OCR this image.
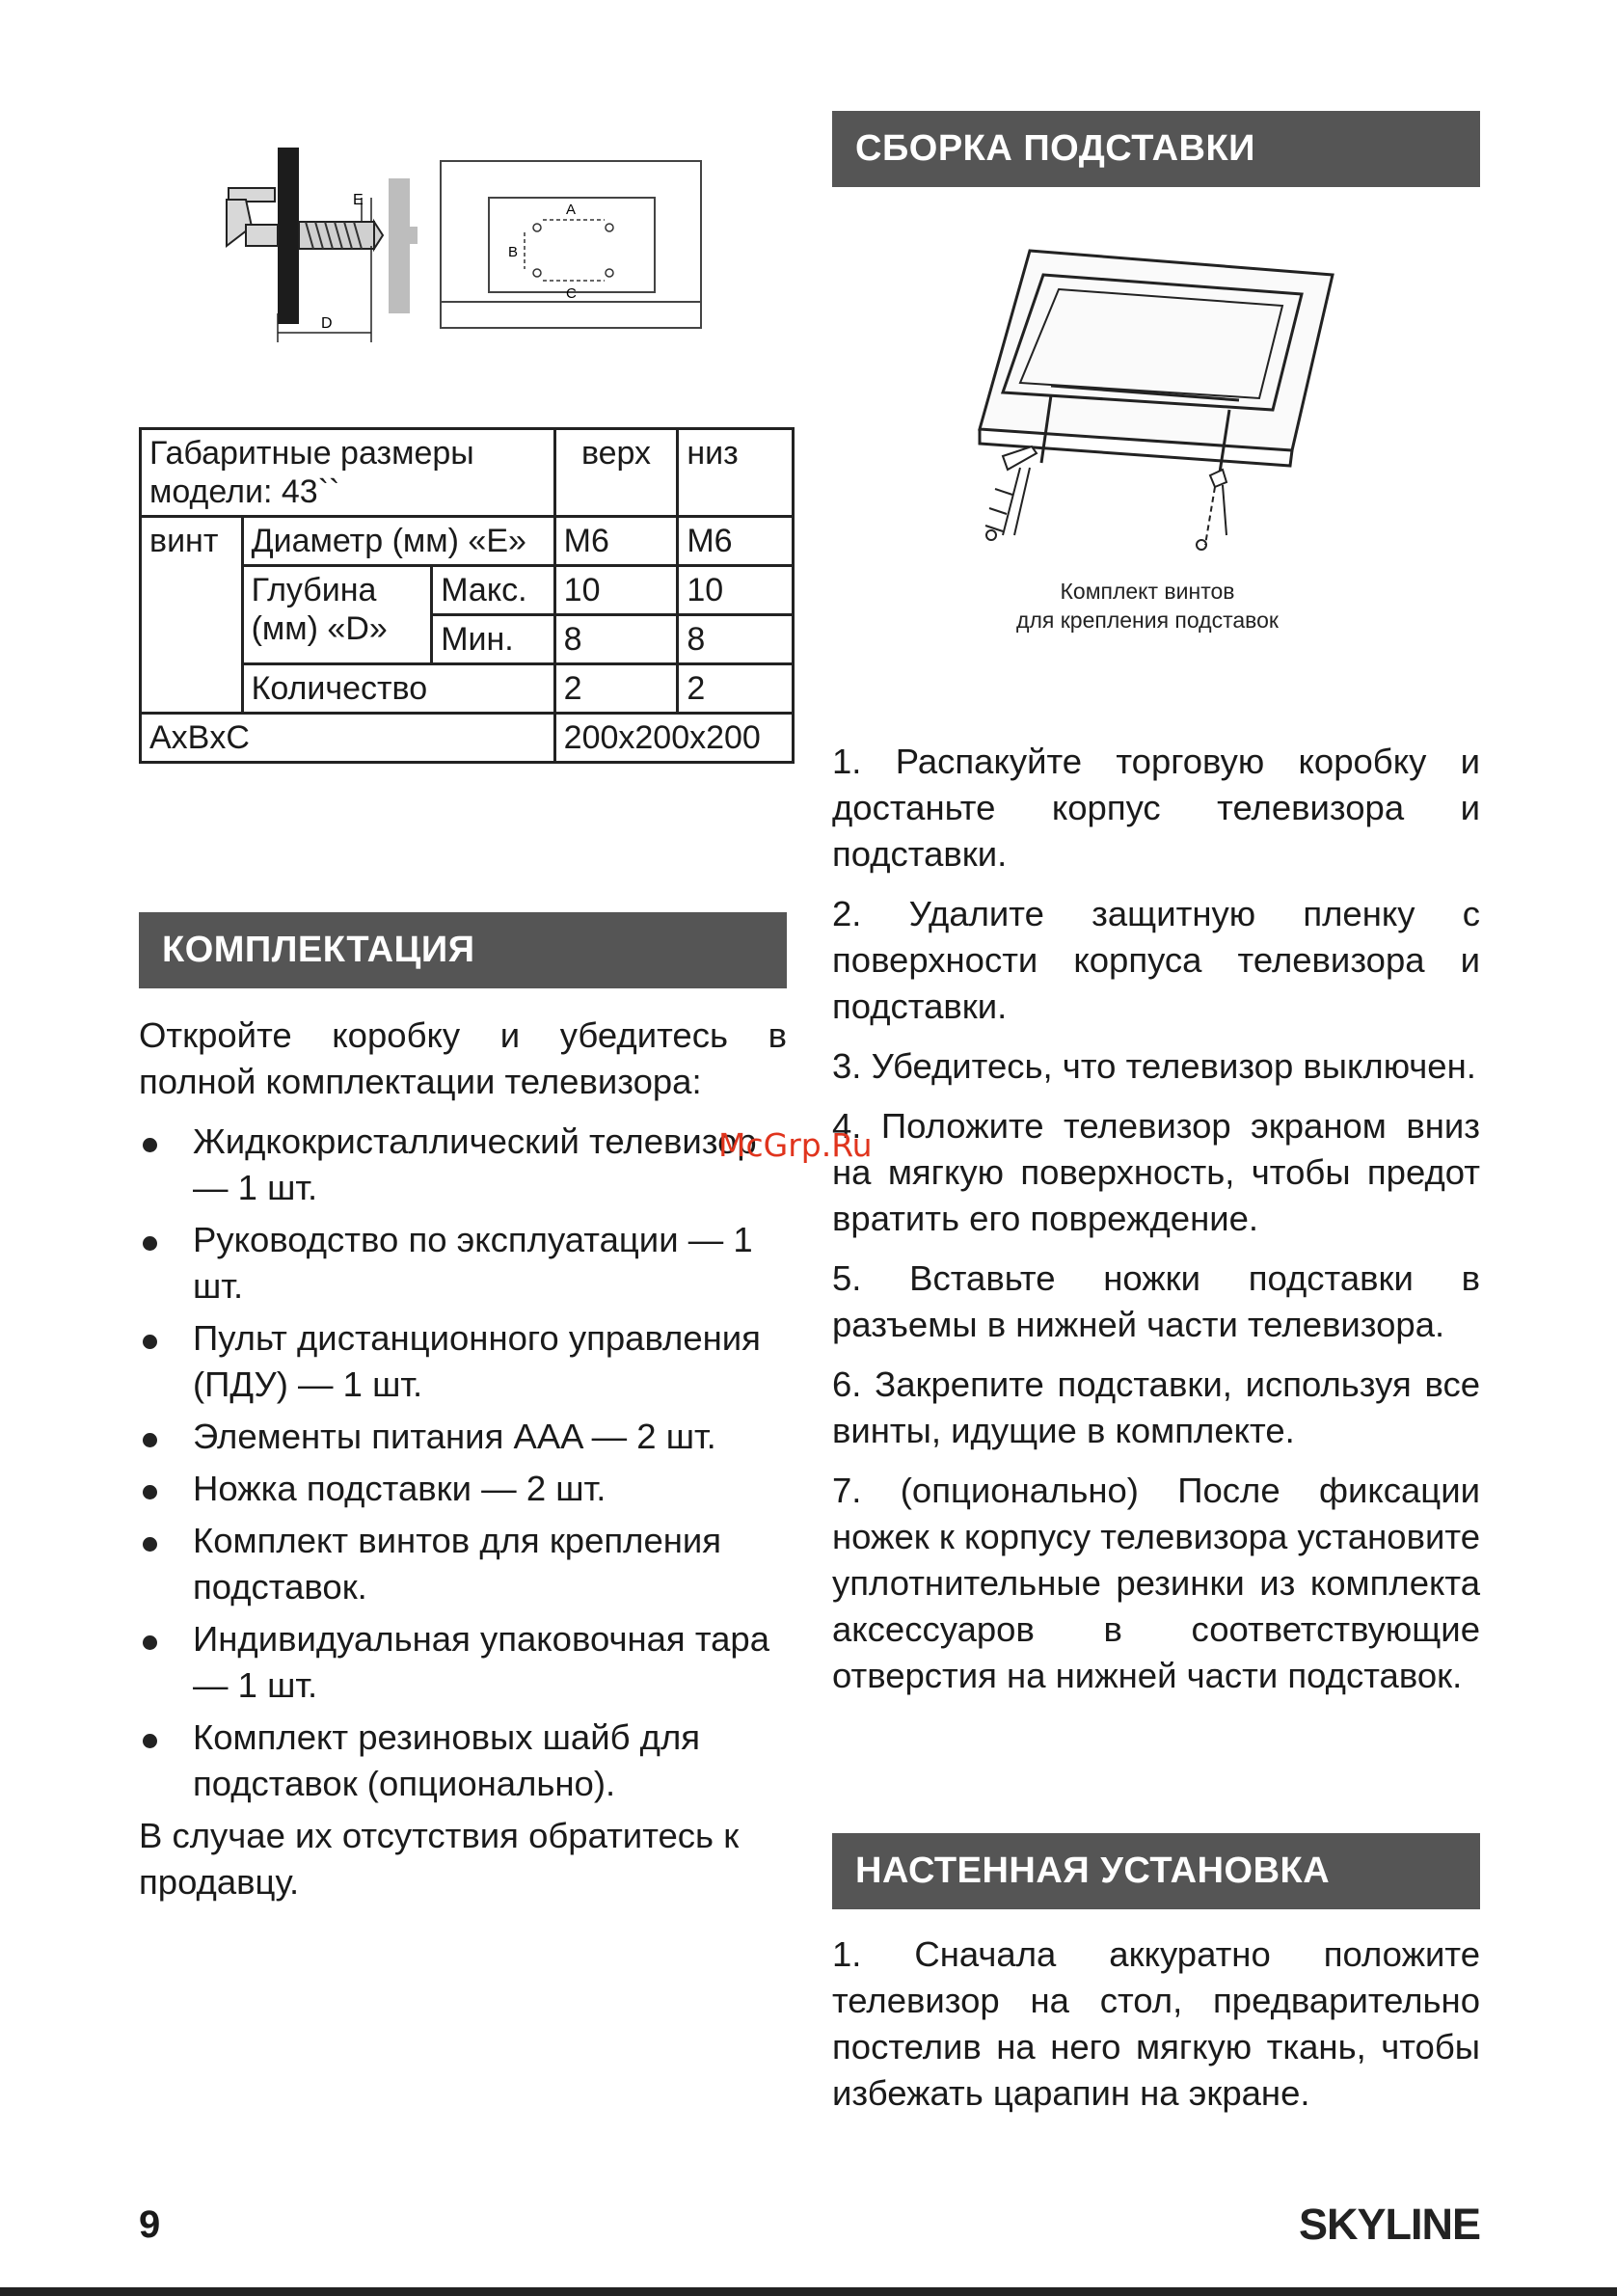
E
D
A
B
C
Габаритные размеры модели: 43``			верх	низ
винт	Диаметр (мм) «E»		M6	M6
	Глубина (мм) «D»	Макс.	10	10
		Мин.	8	8
	Количество		2	2
AxBxC			200x200x200	
КОМПЛЕКТАЦИЯ

Откройте коробку и убедитесь в полной комплектации телевизора:

Жидкокристаллический телевизор — 1 шт.
Руководство по эксплуатации — 1 шт.
Пульт дистанционного управления (ПДУ) — 1 шт.
Элементы питания AAA — 2 шт.
Ножка подставки — 2 шт.
Комплект винтов для крепления подставок.
Индивидуальная упаковочная тара — 1 шт.
Комплект резиновых шайб для подставок (опционально).

В случае их отсутствия обратитесь к продавцу.

СБОРКА ПОДСТАВКИ
Комплект винтов
для крепления подставок
1. Распакуйте торговую коробку и достаньте корпус телевизора и подставки.
2. Удалите защитную пленку с поверхности корпуса телевизора и подставки.
3. Убедитесь, что телевизор выключен.
4. Положите телевизор экраном вниз на мягкую поверхность, чтобы предот вратить его повреждение.
5. Вставьте ножки подставки в разъемы в нижней части телевизора.
6. Закрепите подставки, используя все винты, идущие в комплекте.
7. (опционально) После фиксации ножек к корпусу телевизора установите уплотнительные резинки из комплекта аксессуаров в соответствующие отверстия на нижней части подставок.
НАСТЕННАЯ УСТАНОВКА
1. Сначала аккуратно положите телевизор на стол, предварительно постелив на него мягкую ткань, чтобы избежать царапин на экране.
McGrp.Ru
9	SKYLINE
